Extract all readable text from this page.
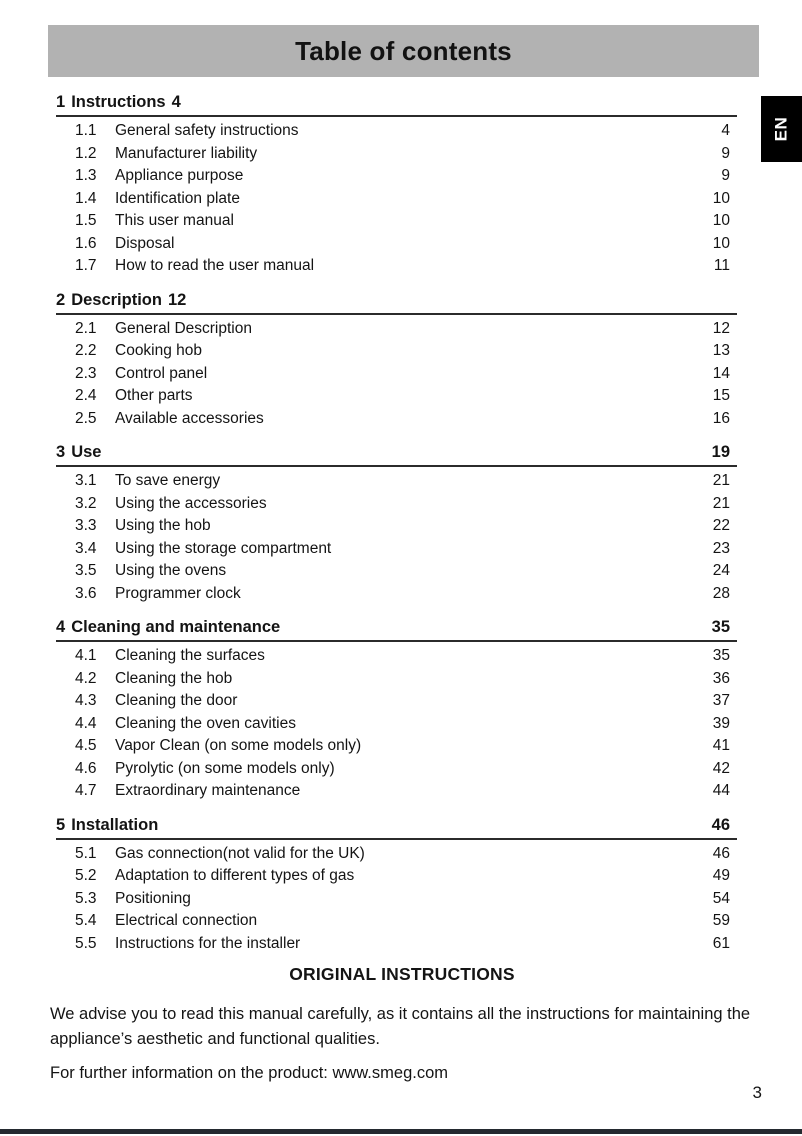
Table of contents
EN
1 Instructions 4
1.1	General safety instructions	4
1.2	Manufacturer liability	9
1.3	Appliance purpose	9
1.4	Identification plate	10
1.5	This user manual	10
1.6	Disposal	10
1.7	How to read the user manual	11
2 Description 12
2.1	General Description	12
2.2	Cooking hob	13
2.3	Control panel	14
2.4	Other parts	15
2.5	Available accessories	16
3 Use	19
3.1	To save energy	21
3.2	Using the accessories	21
3.3	Using the hob	22
3.4	Using the storage compartment	23
3.5	Using the ovens	24
3.6	Programmer clock	28
4 Cleaning and maintenance	35
4.1	Cleaning the surfaces	35
4.2	Cleaning the hob	36
4.3	Cleaning the door	37
4.4	Cleaning the oven cavities	39
4.5	Vapor Clean (on some models only)	41
4.6	Pyrolytic (on some models only)	42
4.7	Extraordinary maintenance	44
5 Installation	46
5.1	Gas connection(not valid for the UK)	46
5.2	Adaptation to different types of gas	49
5.3	Positioning	54
5.4	Electrical connection	59
5.5	Instructions for the installer	61
ORIGINAL INSTRUCTIONS

We advise you to read this manual carefully, as it contains all the instructions for maintaining the appliance’s aesthetic and functional qualities.

For further information on the product: www.smeg.com

3
